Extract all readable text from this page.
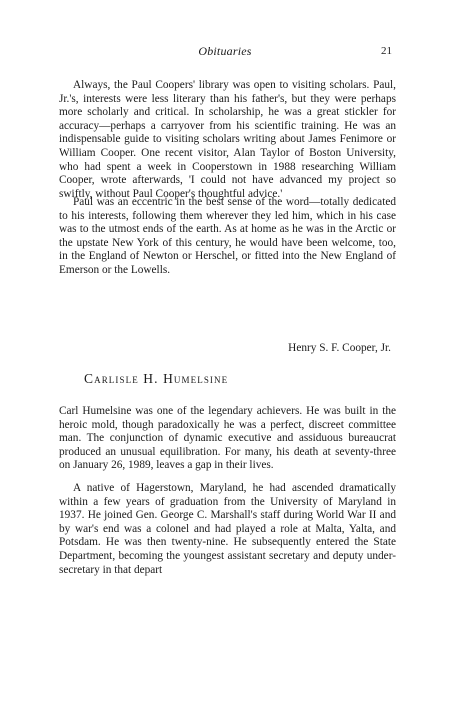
Obituaries	21

Always, the Paul Coopers' library was open to visiting scholars. Paul, Jr.'s, interests were less literary than his father's, but they were perhaps more scholarly and critical. In scholarship, he was a great stickler for accuracy—perhaps a carryover from his scientific training. He was an indispensable guide to visiting scholars writing about James Fenimore or William Cooper. One recent visitor, Alan Taylor of Boston University, who had spent a week in Cooperstown in 1988 researching William Cooper, wrote afterwards, 'I could not have advanced my project so swiftly, without Paul Cooper's thoughtful advice.'

Paul was an eccentric in the best sense of the word—totally dedicated to his interests, following them wherever they led him, which in his case was to the utmost ends of the earth. As at home as he was in the Arctic or the upstate New York of this century, he would have been welcome, too, in the England of Newton or Herschel, or fitted into the New England of Emerson or the Lowells.

Henry S. F. Cooper, Jr.
Carlisle H. Humelsine

Carl Humelsine was one of the legendary achievers. He was built in the heroic mold, though paradoxically he was a perfect, discreet committee man. The conjunction of dynamic executive and assiduous bureaucrat produced an unusual equilibration. For many, his death at seventy-three on January 26, 1989, leaves a gap in their lives.

A native of Hagerstown, Maryland, he had ascended dramatically within a few years of graduation from the University of Maryland in 1937. He joined Gen. George C. Marshall's staff during World War II and by war's end was a colonel and had played a role at Malta, Yalta, and Potsdam. He was then twenty-nine. He subsequently entered the State Department, becoming the youngest assistant secretary and deputy under-secretary in that depart
